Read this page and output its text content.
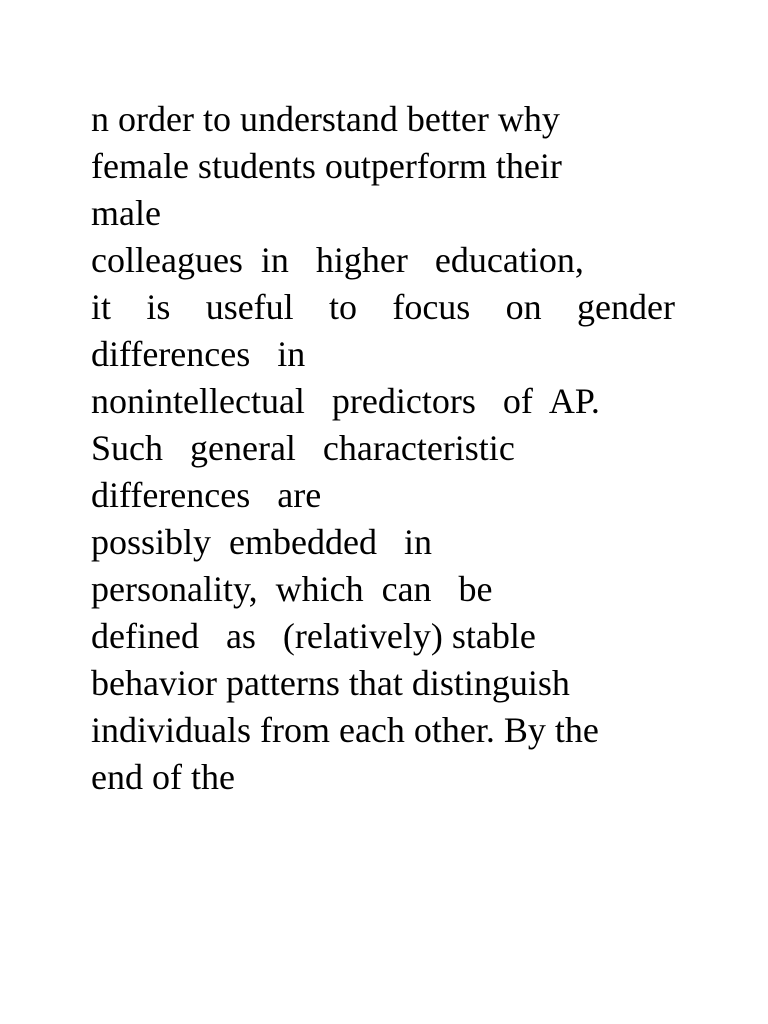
n order to understand better why
female students outperform their
male
colleagues  in   higher   education,
it is useful to focus on gender
differences   in
nonintellectual   predictors   of  AP.
Such   general   characteristic
differences   are
possibly  embedded   in
personality,  which  can   be
defined   as   (relatively) stable
behavior patterns that distinguish
individuals from each other. By the
end of the
